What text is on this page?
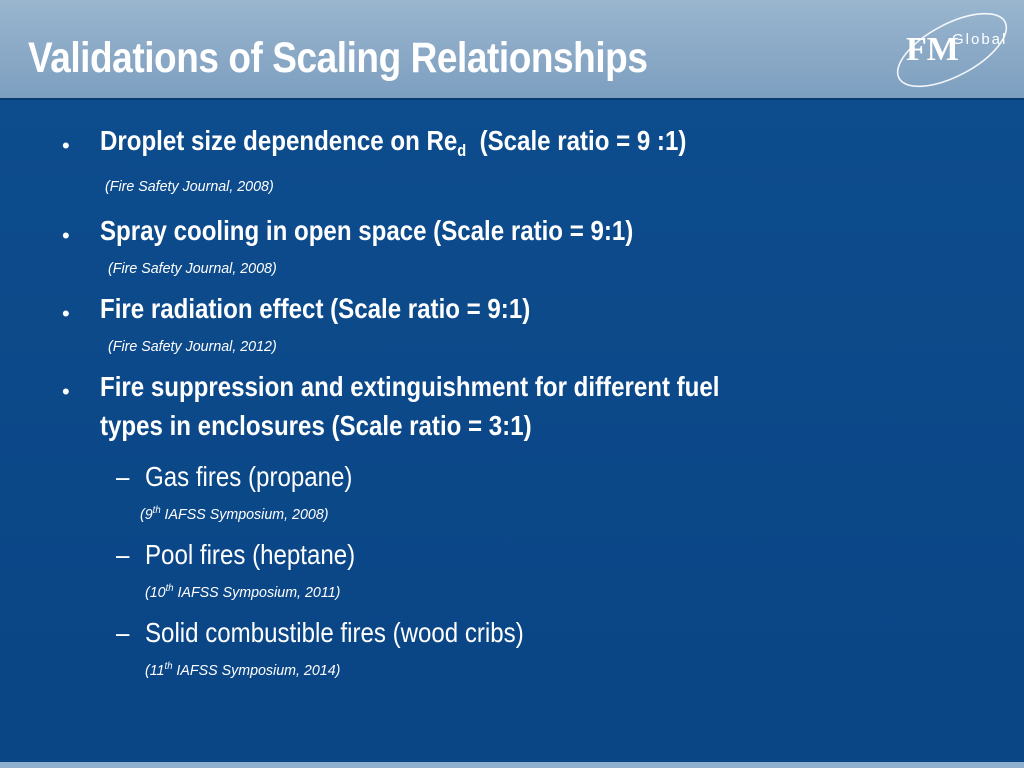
Validations of Scaling Relationships	FM
Global
• Droplet size dependence on $Re_d$  (Scale ratio = 9 :1)
(Fire Safety Journal, 2008)
• Spray cooling in open space (Scale ratio = 9:1)
(Fire Safety Journal, 2008)
• Fire radiation effect (Scale ratio = 9:1)
(Fire Safety Journal, 2012)
• Fire suppression and extinguishment for different fuel
types in enclosures (Scale ratio = 3:1)
– Gas fires (propane)
(9th IAFSS Symposium, 2008)
– Pool fires (heptane)
(10th IAFSS Symposium, 2011)
– Solid combustible fires (wood cribs)
(11th IAFSS Symposium, 2014)
